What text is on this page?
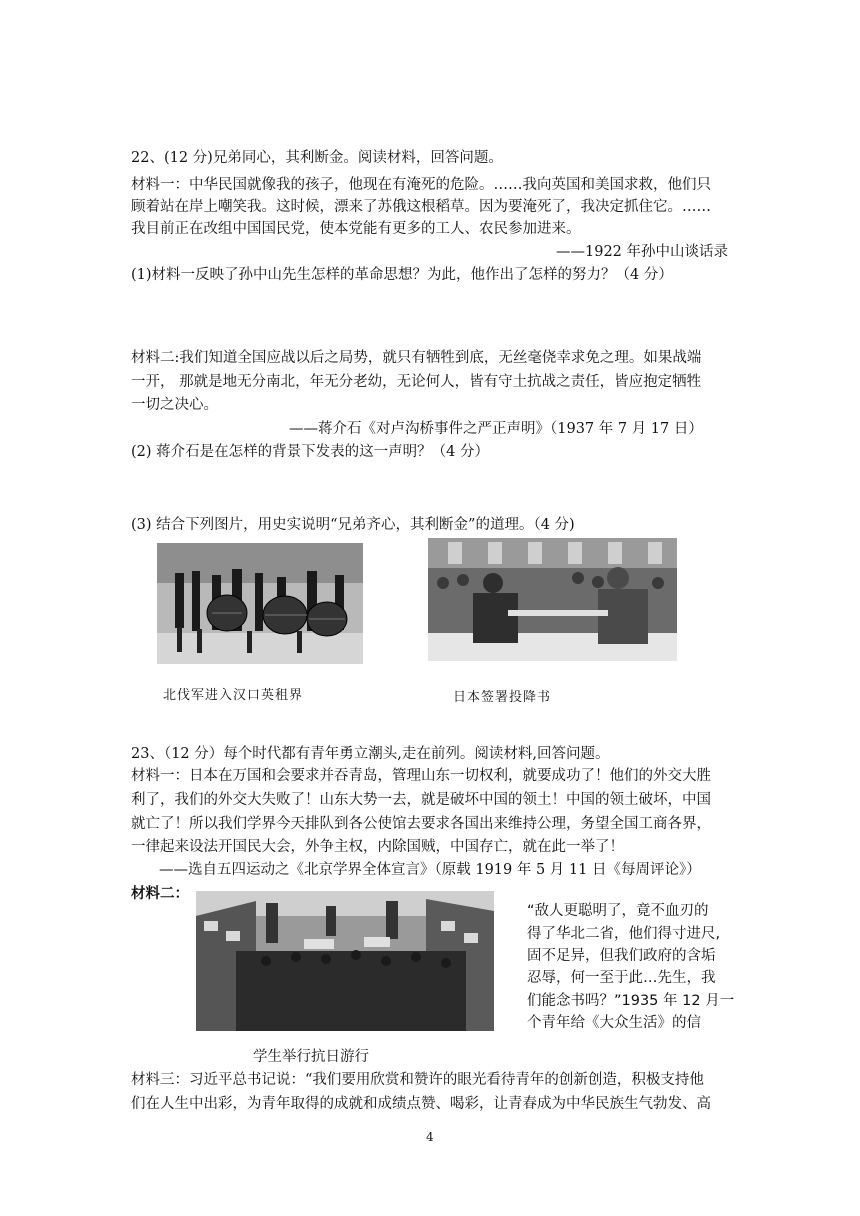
22、(12 分)兄弟同心，其利断金。阅读材料，回答问题。
材料一：中华民国就像我的孩子，他现在有淹死的危险。……我向英国和美国求救，他们只
顾着站在岸上嘲笑我。这时候，漂来了苏俄这根稻草。因为要淹死了，我决定抓住它。……
我目前正在改组中国国民党，使本党能有更多的工人、农民参加进来。
——1922 年孙中山谈话录
(1)材料一反映了孙中山先生怎样的革命思想？为此，他作出了怎样的努力？（4 分）
材料二:我们知道全国应战以后之局势，就只有牺牲到底，无丝毫侥幸求免之理。如果战端
一开， 那就是地无分南北，年无分老幼，无论何人，皆有守土抗战之责任，皆应抱定牺牲
一切之决心。
——蒋介石《对卢沟桥事件之严正声明》（1937 年 7 月 17 日）
(2) 蒋介石是在怎样的背景下发表的这一声明？（4 分）
(3) 结合下列图片，用史实说明“兄弟齐心，其利断金”的道理。（4 分)
北伐军进入汉口英租界	日本签署投降书
23、（12 分）每个时代都有青年勇立潮头,走在前列。阅读材料,回答问题。
材料一：日本在万国和会要求并吞青岛，管理山东一切权利，就要成功了！他们的外交大胜
利了，我们的外交大失败了！山东大势一去，就是破坏中国的领土！中国的领土破坏，中国
就亡了！所以我们学界今天排队到各公使馆去要求各国出来维持公理，务望全国工商各界，
一律起来设法开国民大会，外争主权，内除国贼，中国存亡，就在此一举了！
——选自五四运动之《北京学界全体宣言》（原载 1919 年 5 月 11 日《每周评论》）
材料二：
“敌人更聪明了，竟不血刃的
得了华北二省，他们得寸进尺,
固不足异，但我们政府的含垢
忍辱，何一至于此…先生，我
们能念书吗？”1935 年 12 月一
个青年给《大众生活》的信
学生举行抗日游行
材料三：习近平总书记说：“我们要用欣赏和赞许的眼光看待青年的创新创造，积极支持他
们在人生中出彩，为青年取得的成就和成绩点赞、喝彩，让青春成为中华民族生气勃发、高
4
